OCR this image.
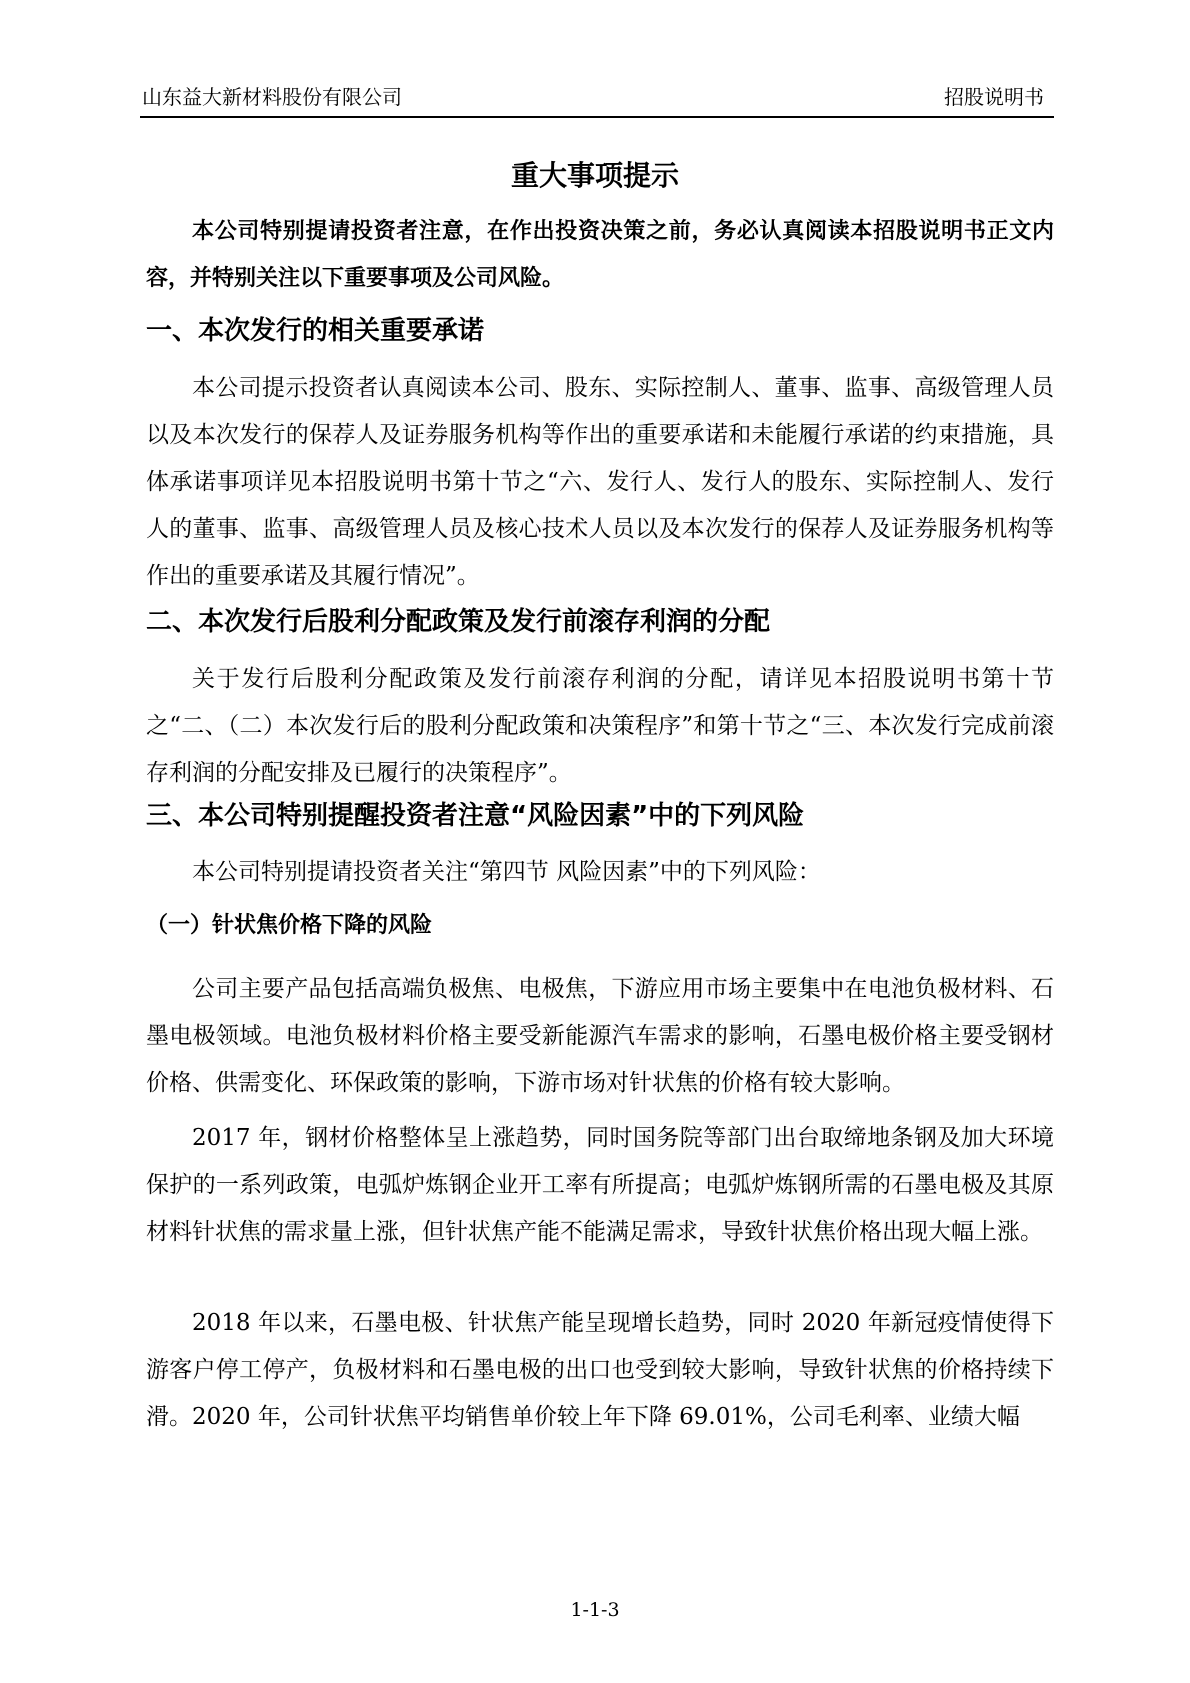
山东益大新材料股份有限公司	招股说明书
重大事项提示

本公司特别提请投资者注意，在作出投资决策之前，务必认真阅读本招股说明书正文内容，并特别关注以下重要事项及公司风险。

一、本次发行的相关重要承诺

本公司提示投资者认真阅读本公司、股东、实际控制人、董事、监事、高级管理人员以及本次发行的保荐人及证券服务机构等作出的重要承诺和未能履行承诺的约束措施，具体承诺事项详见本招股说明书第十节之“六、发行人、发行人的股东、实际控制人、发行人的董事、监事、高级管理人员及核心技术人员以及本次发行的保荐人及证券服务机构等作出的重要承诺及其履行情况”。

二、本次发行后股利分配政策及发行前滚存利润的分配

关于发行后股利分配政策及发行前滚存利润的分配，请详见本招股说明书第十节之“二、（二）本次发行后的股利分配政策和决策程序”和第十节之“三、本次发行完成前滚存利润的分配安排及已履行的决策程序”。

三、本公司特别提醒投资者注意“风险因素”中的下列风险

本公司特别提请投资者关注“第四节 风险因素”中的下列风险：

（一）针状焦价格下降的风险

公司主要产品包括高端负极焦、电极焦，下游应用市场主要集中在电池负极材料、石墨电极领域。电池负极材料价格主要受新能源汽车需求的影响，石墨电极价格主要受钢材价格、供需变化、环保政策的影响，下游市场对针状焦的价格有较大影响。

2017 年，钢材价格整体呈上涨趋势，同时国务院等部门出台取缔地条钢及加大环境保护的一系列政策，电弧炉炼钢企业开工率有所提高；电弧炉炼钢所需的石墨电极及其原材料针状焦的需求量上涨，但针状焦产能不能满足需求，导致针状焦价格出现大幅上涨。

2018 年以来，石墨电极、针状焦产能呈现增长趋势，同时 2020 年新冠疫情使得下游客户停工停产，负极材料和石墨电极的出口也受到较大影响，导致针状焦的价格持续下滑。2020 年，公司针状焦平均销售单价较上年下降 69.01%，公司毛利率、业绩大幅

1-1-3
